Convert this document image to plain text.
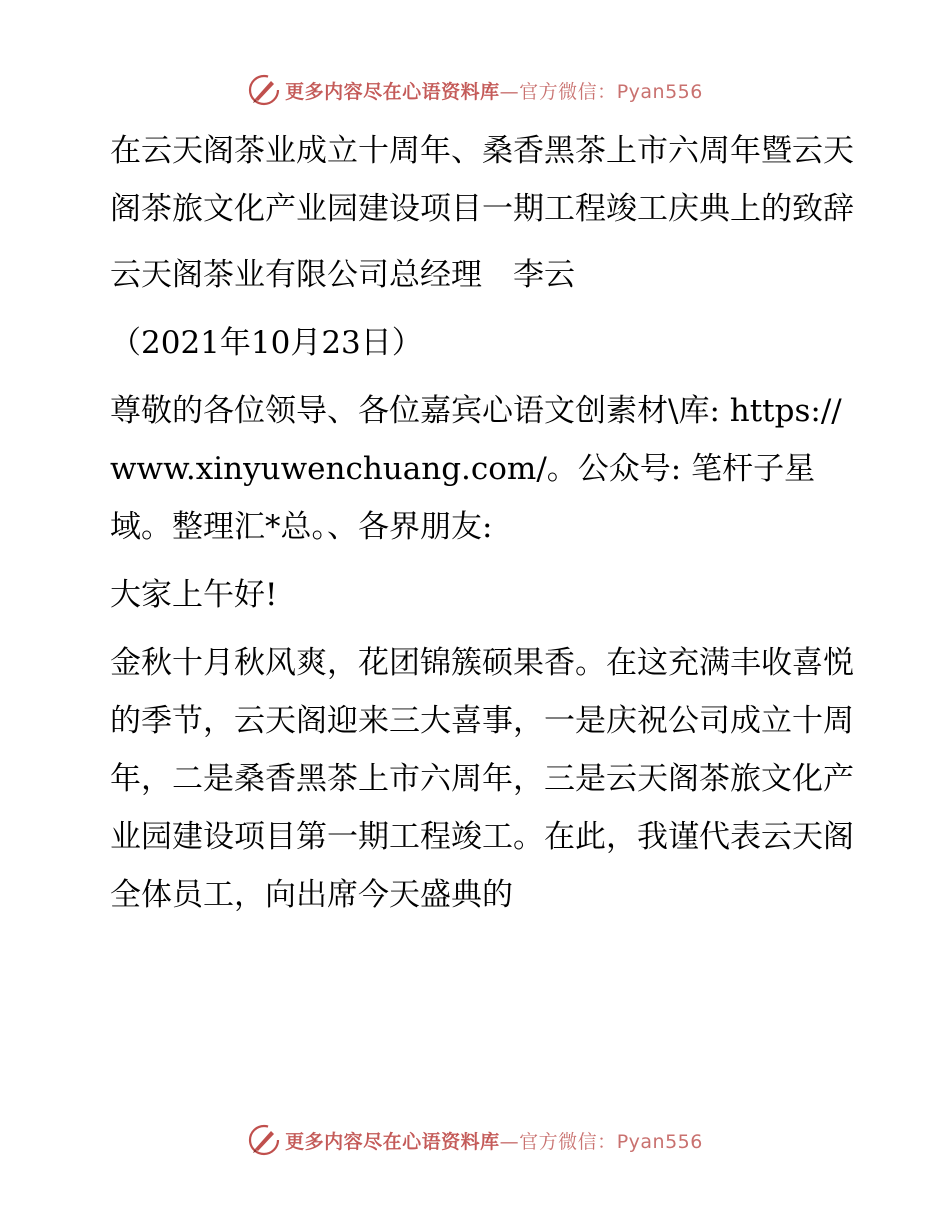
更多内容尽在心语资料库—官方微信：Pyan556

在云天阁茶业成立十周年、桑香黑茶上市六周年暨云天阁茶旅文化产业园建设项目一期工程竣工庆典上的致辞

云天阁茶业有限公司总经理　李云

（2021年10月23日）

尊敬的各位领导、各位嘉宾心语文创素材\库: https://www.xinyuwenchuang.com/。公众号: 笔杆子星域。整理汇*总。、各界朋友:

大家上午好!

金秋十月秋风爽，花团锦簇硕果香。在这充满丰收喜悦的季节，云天阁迎来三大喜事，一是庆祝公司成立十周年，二是桑香黑茶上市六周年，三是云天阁茶旅文化产业园建设项目第一期工程竣工。在此，我谨代表云天阁全体员工，向出席今天盛典的

更多内容尽在心语资料库—官方微信：Pyan556
